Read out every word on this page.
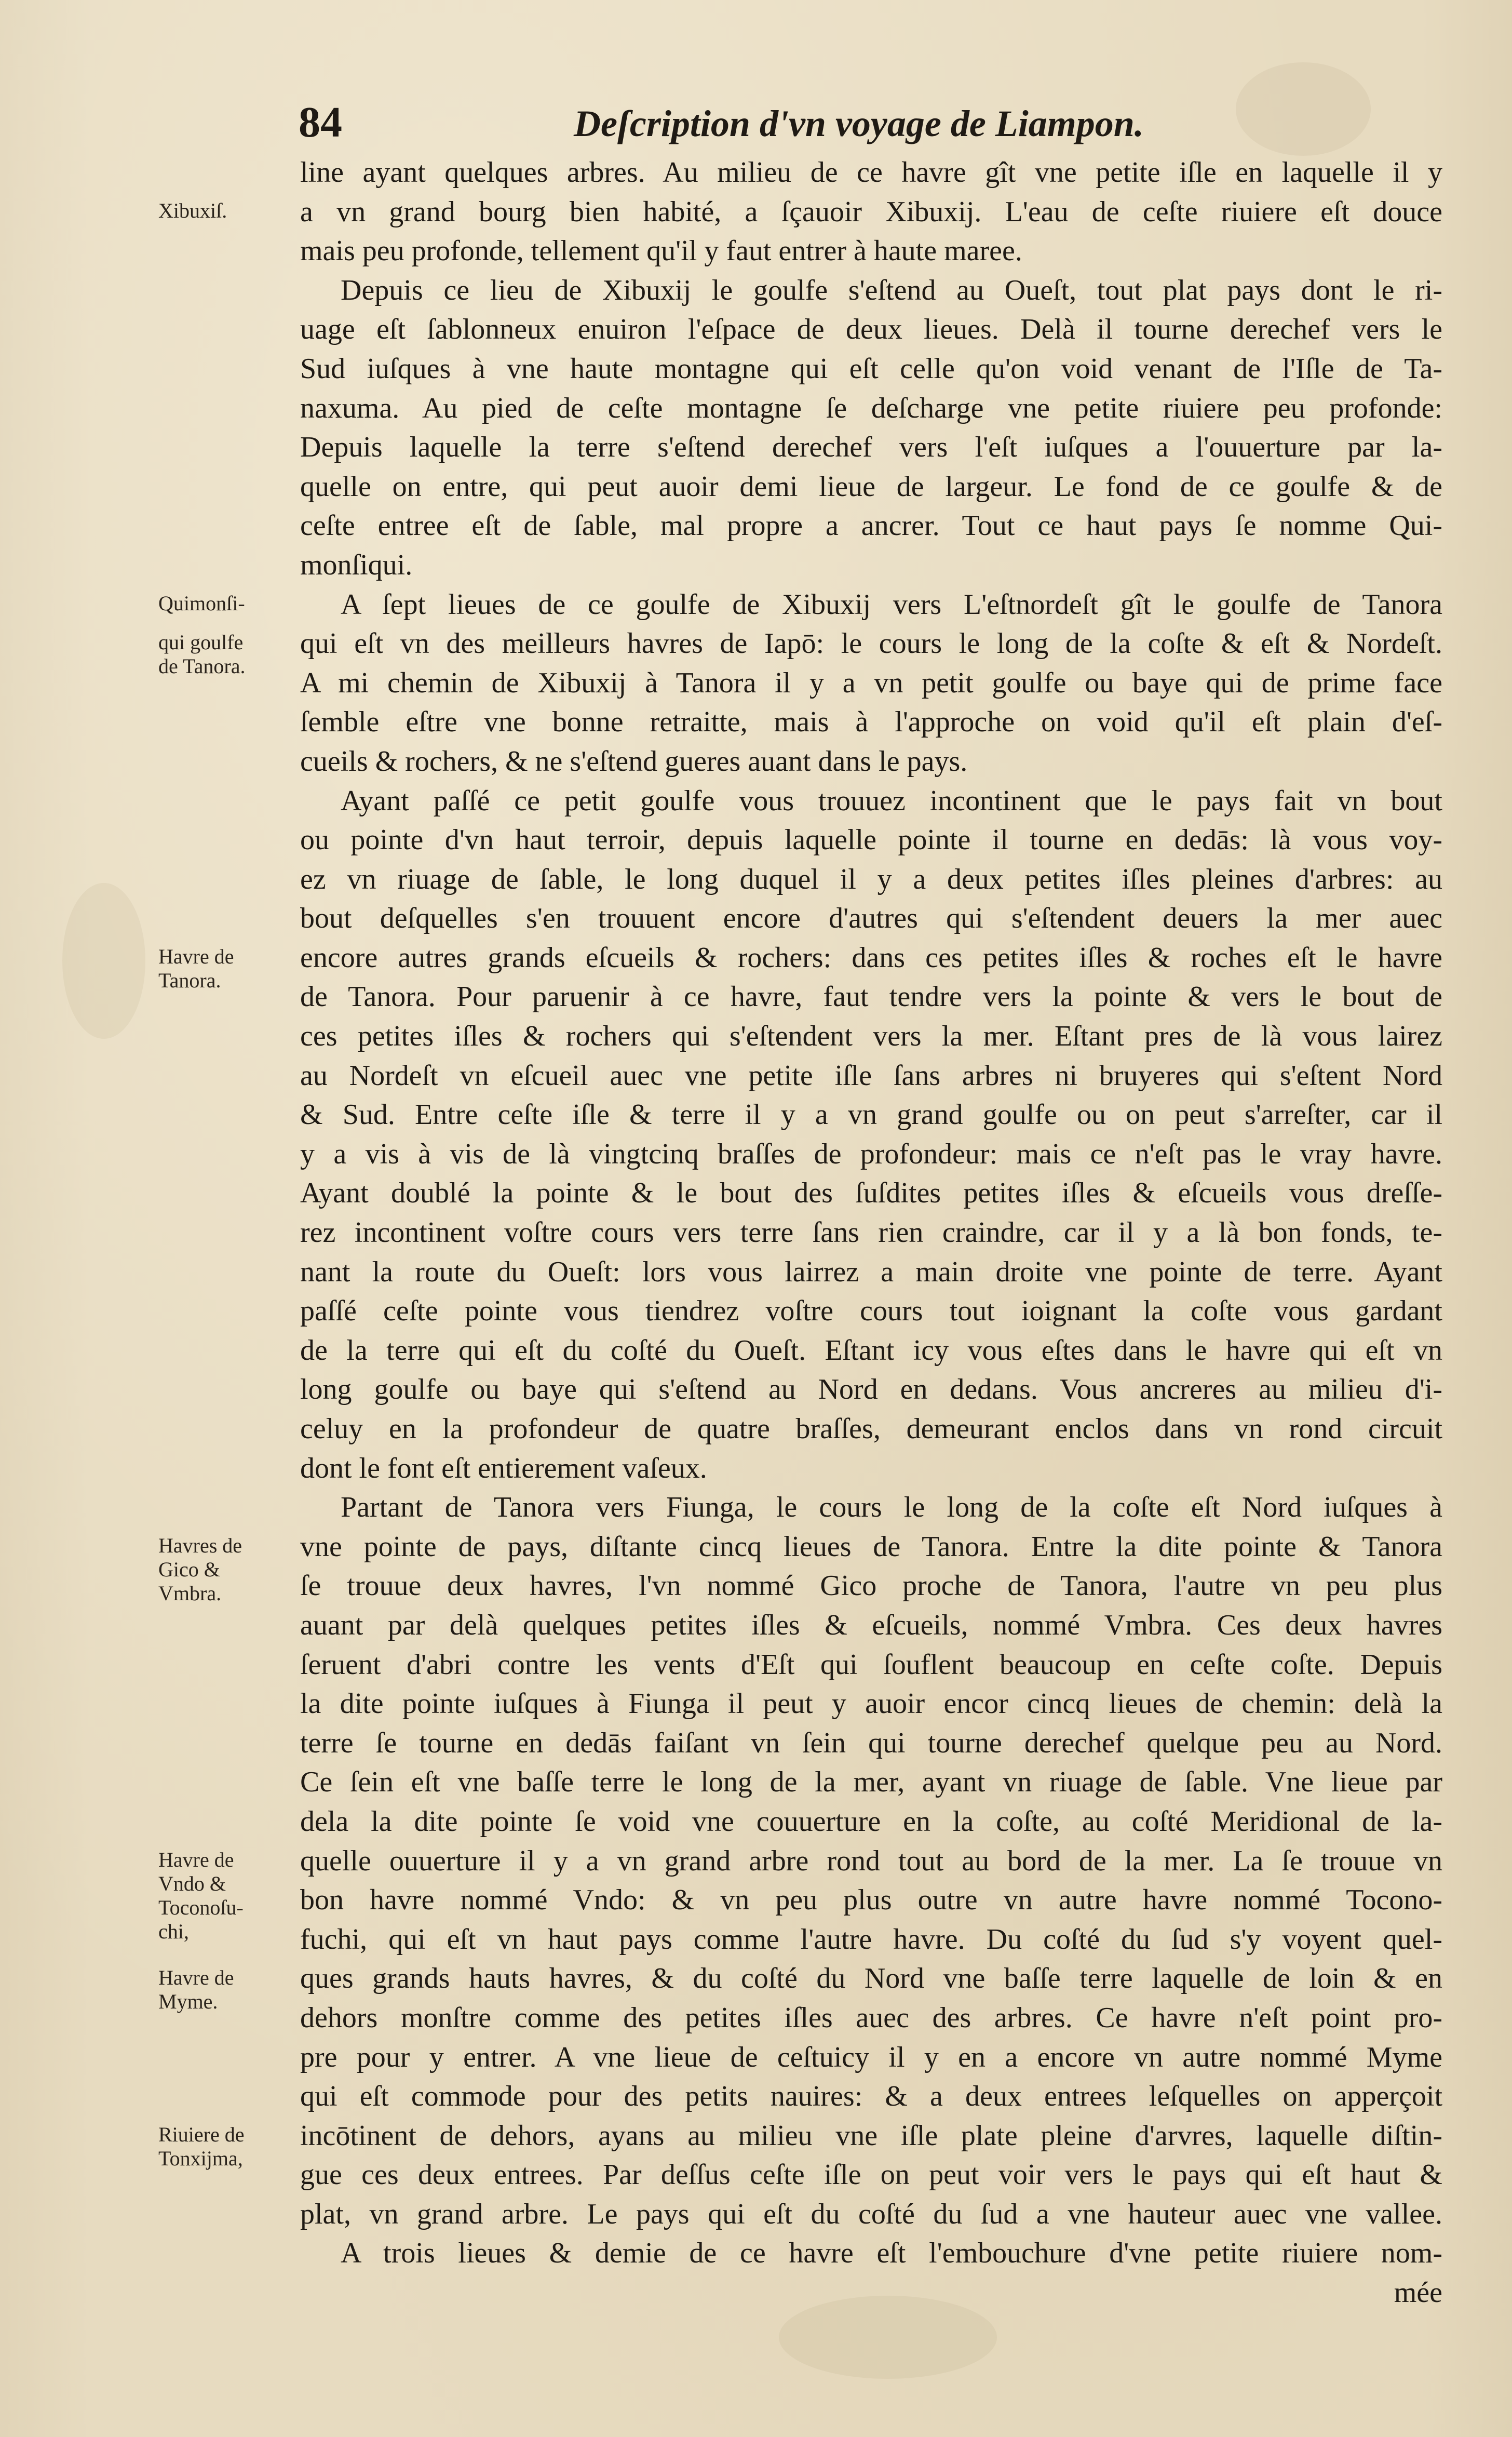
84	Deſcription d'vn voyage de Liampon.
Xibuxiſ.
Quimonſi-
qui goulfe
de Tanora.
Havre de
Tanora.
Havres de
Gico &
Vmbra.
Havre de
Vndo &
Toconoſu-
chi,
Havre de
Myme.
Riuiere de
Tonxijma,
line ayant quelques arbres. Au milieu de ce havre gît vne petite iſle en laquelle il y
a vn grand bourg bien habité, a ſçauoir Xibuxij. L'eau de ceſte riuiere eſt douce
mais peu profonde, tellement qu'il y faut entrer à haute maree.
Depuis ce lieu de Xibuxij le goulfe s'eſtend au Oueſt, tout plat pays dont le ri-
uage eſt ſablonneux enuiron l'eſpace de deux lieues. Delà il tourne derechef vers le
Sud iuſques à vne haute montagne qui eſt celle qu'on void venant de l'Iſle de Ta-
naxuma. Au pied de ceſte montagne ſe deſcharge vne petite riuiere peu profonde:
Depuis laquelle la terre s'eſtend derechef vers l'eſt iuſques a l'ouuerture par la-
quelle on entre, qui peut auoir demi lieue de largeur. Le fond de ce goulfe & de
ceſte entree eſt de ſable, mal propre a ancrer. Tout ce haut pays ſe nomme Qui-
monſiqui.
A ſept lieues de ce goulfe de Xibuxij vers L'eſtnordeſt gît le goulfe de Tanora
qui eſt vn des meilleurs havres de Iapō: le cours le long de la coſte & eſt & Nordeſt.
A mi chemin de Xibuxij à Tanora il y a vn petit goulfe ou baye qui de prime face
ſemble eſtre vne bonne retraitte, mais à l'approche on void qu'il eſt plain d'eſ-
cueils & rochers, & ne s'eſtend gueres auant dans le pays.
Ayant paſſé ce petit goulfe vous trouuez incontinent que le pays fait vn bout
ou pointe d'vn haut terroir, depuis laquelle pointe il tourne en dedās: là vous voy-
ez vn riuage de ſable, le long duquel il y a deux petites iſles pleines d'arbres: au
bout deſquelles s'en trouuent encore d'autres qui s'eſtendent deuers la mer auec
encore autres grands eſcueils & rochers: dans ces petites iſles & roches eſt le havre
de Tanora. Pour paruenir à ce havre, faut tendre vers la pointe & vers le bout de
ces petites iſles & rochers qui s'eſtendent vers la mer. Eſtant pres de là vous lairez
au Nordeſt vn eſcueil auec vne petite iſle ſans arbres ni bruyeres qui s'eſtent Nord
& Sud. Entre ceſte iſle & terre il y a vn grand goulfe ou on peut s'arreſter, car il
y a vis à vis de là vingtcinq braſſes de profondeur: mais ce n'eſt pas le vray havre.
Ayant doublé la pointe & le bout des ſuſdites petites iſles & eſcueils vous dreſſe-
rez incontinent voſtre cours vers terre ſans rien craindre, car il y a là bon fonds, te-
nant la route du Oueſt: lors vous lairrez a main droite vne pointe de terre. Ayant
paſſé ceſte pointe vous tiendrez voſtre cours tout ioignant la coſte vous gardant
de la terre qui eſt du coſté du Oueſt. Eſtant icy vous eſtes dans le havre qui eſt vn
long goulfe ou baye qui s'eſtend au Nord en dedans. Vous ancreres au milieu d'i-
celuy en la profondeur de quatre braſſes, demeurant enclos dans vn rond circuit
dont le font eſt entierement vaſeux.
Partant de Tanora vers Fiunga, le cours le long de la coſte eſt Nord iuſques à
vne pointe de pays, diſtante cincq lieues de Tanora. Entre la dite pointe & Tanora
ſe trouue deux havres, l'vn nommé Gico proche de Tanora, l'autre vn peu plus
auant par delà quelques petites iſles & eſcueils, nommé Vmbra. Ces deux havres
ſeruent d'abri contre les vents d'Eſt qui ſouflent beaucoup en ceſte coſte. Depuis
la dite pointe iuſques à Fiunga il peut y auoir encor cincq lieues de chemin: delà la
terre ſe tourne en dedās faiſant vn ſein qui tourne derechef quelque peu au Nord.
Ce ſein eſt vne baſſe terre le long de la mer, ayant vn riuage de ſable. Vne lieue par
dela la dite pointe ſe void vne couuerture en la coſte, au coſté Meridional de la-
quelle ouuerture il y a vn grand arbre rond tout au bord de la mer. La ſe trouue vn
bon havre nommé Vndo: & vn peu plus outre vn autre havre nommé Tocono-
fuchi, qui eſt vn haut pays comme l'autre havre. Du coſté du ſud s'y voyent quel-
ques grands hauts havres, & du coſté du Nord vne baſſe terre laquelle de loin & en
dehors monſtre comme des petites iſles auec des arbres. Ce havre n'eſt point pro-
pre pour y entrer. A vne lieue de ceſtuicy il y en a encore vn autre nommé Myme
qui eſt commode pour des petits nauires: & a deux entrees leſquelles on apperçoit
incōtinent de dehors, ayans au milieu vne iſle plate pleine d'arvres, laquelle diſtin-
gue ces deux entrees. Par deſſus ceſte iſle on peut voir vers le pays qui eſt haut &
plat, vn grand arbre. Le pays qui eſt du coſté du ſud a vne hauteur auec vne vallee.
A trois lieues & demie de ce havre eſt l'embouchure d'vne petite riuiere nom-
mée
